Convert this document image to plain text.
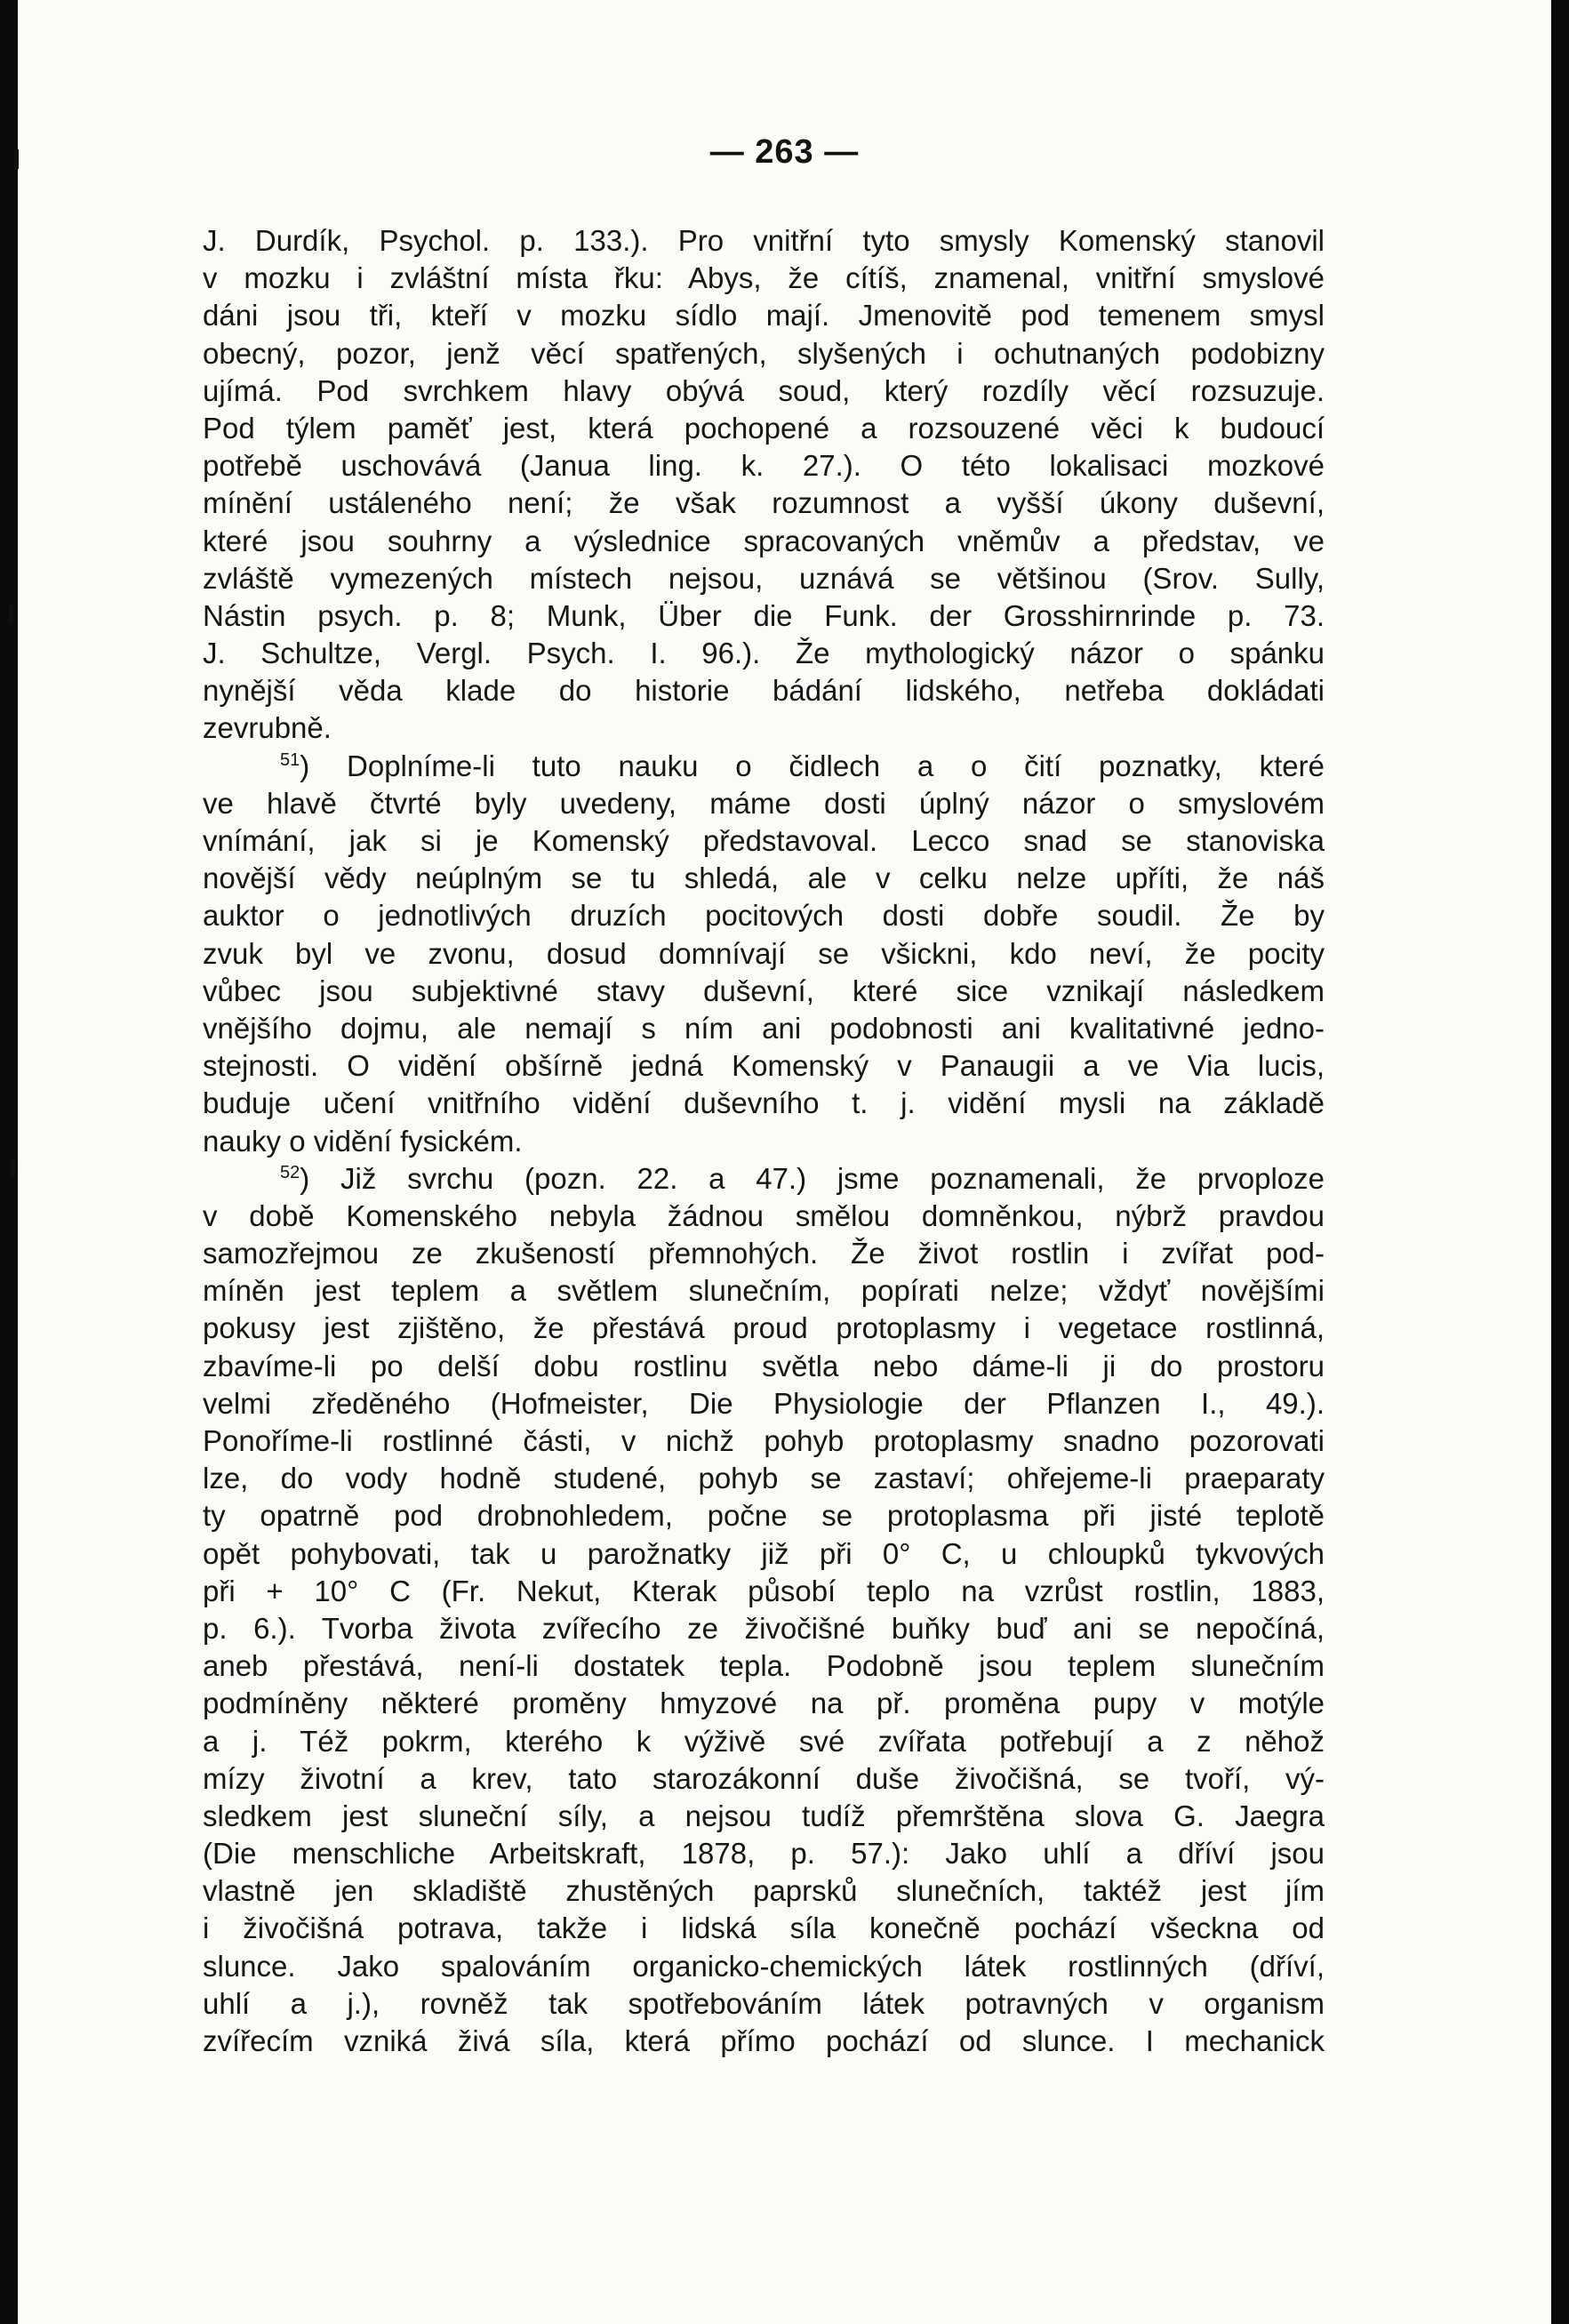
— 263 —
J. Durdík, Psychol. p. 133.). Pro vnitřní tyto smysly Komenský stanovil
v mozku i zvláštní místa řku: Abys, že cítíš, znamenal, vnitřní smyslové
dáni jsou tři, kteří v mozku sídlo mají. Jmenovitě pod temenem smysl
obecný, pozor, jenž věcí spatřených, slyšených i ochutnaných podobizny
ujímá. Pod svrchkem hlavy obývá soud, který rozdíly věcí rozsuzuje.
Pod týlem paměť jest, která pochopené a rozsouzené věci k budoucí
potřebě uschovává (Janua ling. k. 27.). O této lokalisaci mozkové
mínění ustáleného není; že však rozumnost a vyšší úkony duševní,
které jsou souhrny a výslednice spracovaných vněmův a představ, ve
zvláště vymezených místech nejsou, uznává se většinou (Srov. Sully,
Nástin psych. p. 8; Munk, Über die Funk. der Grosshirnrinde p. 73.
J. Schultze, Vergl. Psych. I. 96.). Že mythologický názor o spánku
nynější věda klade do historie bádání lidského, netřeba dokládati
zevrubně.
$^{51}$) Doplníme-li tuto nauku o čidlech a o čití poznatky, které
ve hlavě čtvrté byly uvedeny, máme dosti úplný názor o smyslovém
vnímání, jak si je Komenský představoval. Lecco snad se stanoviska
novější vědy neúplným se tu shledá, ale v celku nelze upříti, že náš
auktor o jednotlivých druzích pocitových dosti dobře soudil. Že by
zvuk byl ve zvonu, dosud domnívají se všickni, kdo neví, že pocity
vůbec jsou subjektivné stavy duševní, které sice vznikají následkem
vnějšího dojmu, ale nemají s ním ani podobnosti ani kvalitativné jedno-
stejnosti. O vidění obšírně jedná Komenský v Panaugii a ve Via lucis,
buduje učení vnitřního vidění duševního t. j. vidění mysli na základě
nauky o vidění fysickém.
$^{52}$) Již svrchu (pozn. 22. a 47.) jsme poznamenali, že prvoploze
v době Komenského nebyla žádnou smělou domněnkou, nýbrž pravdou
samozřejmou ze zkušeností přemnohých. Že život rostlin i zvířat pod-
míněn jest teplem a světlem slunečním, popírati nelze; vždyť novějšími
pokusy jest zjištěno, že přestává proud protoplasmy i vegetace rostlinná,
zbavíme-li po delší dobu rostlinu světla nebo dáme-li ji do prostoru
velmi zředěného (Hofmeister, Die Physiologie der Pflanzen I., 49.).
Ponoříme-li rostlinné části, v nichž pohyb protoplasmy snadno pozorovati
lze, do vody hodně studené, pohyb se zastaví; ohřejeme-li praeparaty
ty opatrně pod drobnohledem, počne se protoplasma při jisté teplotě
opět pohybovati, tak u parožnatky již při 0° C, u chloupků tykvových
při + 10° C (Fr. Nekut, Kterak působí teplo na vzrůst rostlin, 1883,
p. 6.). Tvorba života zvířecího ze živočišné buňky buď ani se nepočíná,
aneb přestává, není-li dostatek tepla. Podobně jsou teplem slunečním
podmíněny některé proměny hmyzové na př. proměna pupy v motýle
a j. Též pokrm, kterého k výživě své zvířata potřebují a z něhož
mízy životní a krev, tato starozákonní duše živočišná, se tvoří, vý-
sledkem jest sluneční síly, a nejsou tudíž přemrštěna slova G. Jaegra
(Die menschliche Arbeitskraft, 1878, p. 57.): Jako uhlí a dříví jsou
vlastně jen skladiště zhustěných paprsků slunečních, taktéž jest jím
i živočišná potrava, takže i lidská síla konečně pochází všeckna od
slunce. Jako spalováním organicko-chemických látek rostlinných (dříví,
uhlí a j.), rovněž tak spotřebováním látek potravných v organism
zvířecím vzniká živá síla, která přímo pochází od slunce. I mechanick
